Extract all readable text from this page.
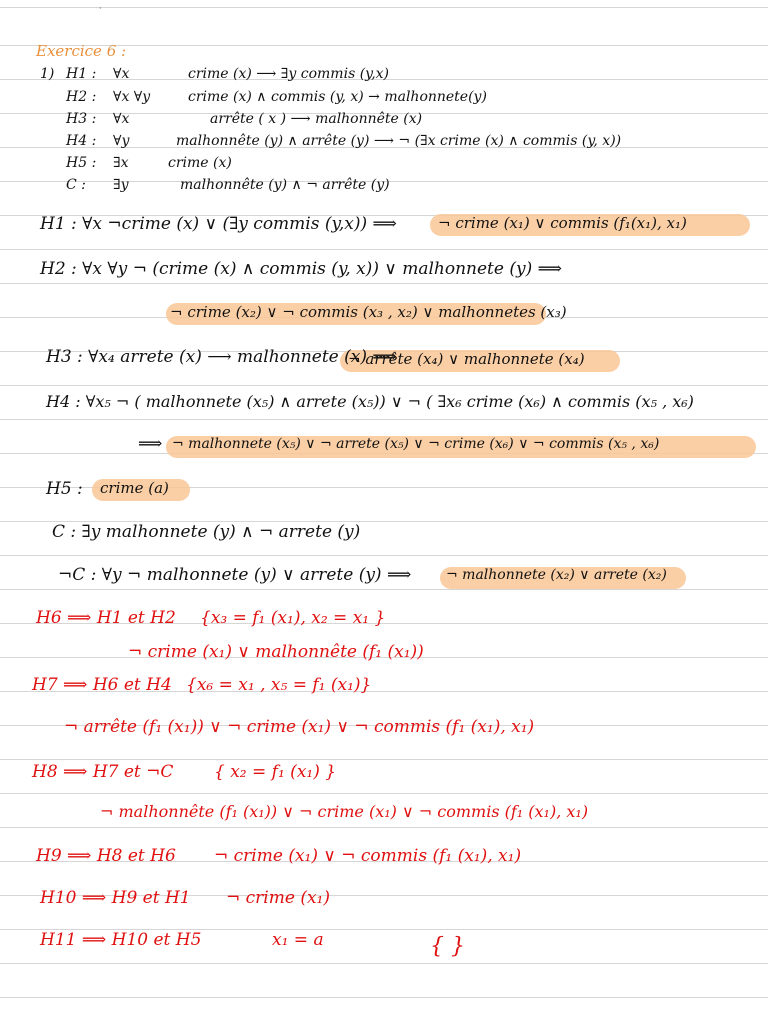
·
Exercice 6 :
1) H1 : ∀x	crime (x) ⟶ ∃y commis (y,x)
H2 : ∀x ∀y	crime (x) ∧ commis (y, x) → malhonnete(y)
H3 : ∀x	arrête ( x ) ⟶ malhonnête (x)
H4 : ∀y	malhonnête (y) ∧ arrête (y) ⟶ ¬ (∃x crime (x) ∧ commis (y, x))
H5 : ∃x	crime (x)
C : ∃y	malhonnête (y) ∧ ¬ arrête (y)
H1 : ∀x ¬crime (x) ∨ (∃y commis (y,x)) ⟹	¬ crime (x₁) ∨ commis (f₁(x₁), x₁)
H2 : ∀x ∀y ¬ (crime (x) ∧ commis (y, x)) ∨ malhonnete (y) ⟹
¬ crime (x₂) ∨ ¬ commis (x₃ , x₂) ∨ malhonnetes (x₃)
H3 : ∀x₄ arrete (x) ⟶ malhonnete (x) ⟹
¬ arrête (x₄) ∨ malhonnete (x₄)
H4 : ∀x₅ ¬ ( malhonnete (x₅) ∧ arrete (x₅)) ∨ ¬ ( ∃x₆ crime (x₆) ∧ commis (x₅ , x₆)
⟹ ¬ malhonnete (x₅) ∨ ¬ arrete (x₅) ∨ ¬ crime (x₆) ∨ ¬ commis (x₅ , x₆)
H5 : crime (a)
C : ∃y malhonnete (y) ∧ ¬ arrete (y)
¬C : ∀y ¬ malhonnete (y) ∨ arrete (y) ⟹ ¬ malhonnete (x₂) ∨ arrete (x₂)
H6 ⟹ H1 et H2 {x₃ = f₁ (x₁), x₂ = x₁ }
¬ crime (x₁) ∨ malhonnête (f₁ (x₁))
H7 ⟹ H6 et H4 {x₆ = x₁ , x₅ = f₁ (x₁)}
¬ arrête (f₁ (x₁)) ∨ ¬ crime (x₁) ∨ ¬ commis (f₁ (x₁), x₁)
H8 ⟹ H7 et ¬C { x₂ = f₁ (x₁) }
¬ malhonnête (f₁ (x₁)) ∨ ¬ crime (x₁) ∨ ¬ commis (f₁ (x₁), x₁)
H9 ⟹ H8 et H6 ¬ crime (x₁) ∨ ¬ commis (f₁ (x₁), x₁)
H10 ⟹ H9 et H1 ¬ crime (x₁)
H11 ⟹ H10 et H5	x₁ = a	{ }
